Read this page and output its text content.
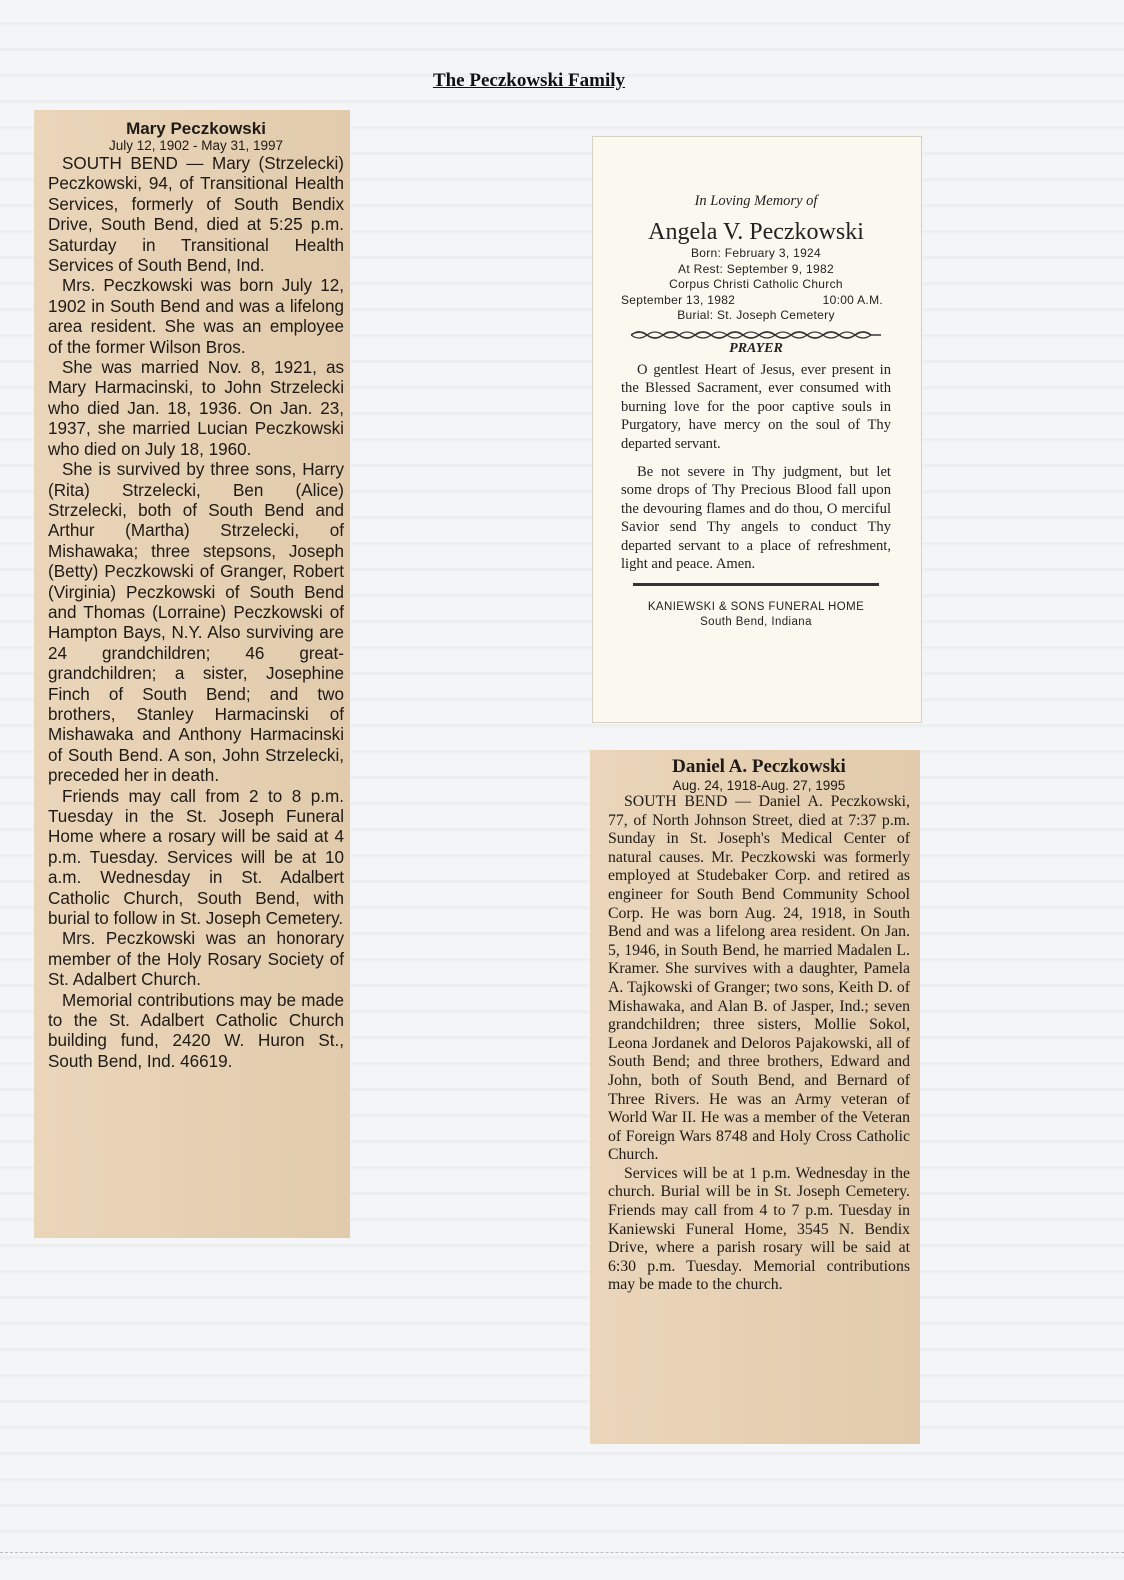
The Peczkowski Family
Mary Peczkowski
July 12, 1902 - May 31, 1997

SOUTH BEND — Mary (Strzelecki) Peczkowski, 94, of Transitional Health Services, formerly of South Bendix Drive, South Bend, died at 5:25 p.m. Saturday in Transitional Health Services of South Bend, Ind.

Mrs. Peczkowski was born July 12, 1902 in South Bend and was a lifelong area resident. She was an employee of the former Wilson Bros.

She was married Nov. 8, 1921, as Mary Harmacinski, to John Strzelecki who died Jan. 18, 1936. On Jan. 23, 1937, she married Lucian Peczkowski who died on July 18, 1960.

She is survived by three sons, Harry (Rita) Strzelecki, Ben (Alice) Strzelecki, both of South Bend and Arthur (Martha) Strzelecki, of Mishawaka; three stepsons, Joseph (Betty) Peczkowski of Granger, Robert (Virginia) Peczkowski of South Bend and Thomas (Lorraine) Peczkowski of Hampton Bays, N.Y. Also surviving are 24 grandchildren; 46 great-grandchildren; a sister, Josephine Finch of South Bend; and two brothers, Stanley Harmacinski of Mishawaka and Anthony Harmacinski of South Bend. A son, John Strzelecki, preceded her in death.

Friends may call from 2 to 8 p.m. Tuesday in the St. Joseph Funeral Home where a rosary will be said at 4 p.m. Tuesday. Services will be at 10 a.m. Wednesday in St. Adalbert Catholic Church, South Bend, with burial to follow in St. Joseph Cemetery.

Mrs. Peczkowski was an honorary member of the Holy Rosary Society of St. Adalbert Church.

Memorial contributions may be made to the St. Adalbert Catholic Church building fund, 2420 W. Huron St., South Bend, Ind. 46619.

In Loving Memory of
Angela V. Peczkowski
Born: February 3, 1924
At Rest: September 9, 1982
Corpus Christi Catholic Church
September 13, 1982	10:00 A.M.
Burial: St. Joseph Cemetery
PRAYER

O gentlest Heart of Jesus, ever present in the Blessed Sacrament, ever consumed with burning love for the poor captive souls in Purgatory, have mercy on the soul of Thy departed servant.

Be not severe in Thy judgment, but let some drops of Thy Precious Blood fall upon the devouring flames and do thou, O merciful Savior send Thy angels to conduct Thy departed servant to a place of refreshment, light and peace. Amen.

KANIEWSKI & SONS FUNERAL HOME
South Bend, Indiana
Daniel A. Peczkowski
Aug. 24, 1918-Aug. 27, 1995

SOUTH BEND — Daniel A. Peczkowski, 77, of North Johnson Street, died at 7:37 p.m. Sunday in St. Joseph's Medical Center of natural causes. Mr. Peczkowski was formerly employed at Studebaker Corp. and retired as engineer for South Bend Community School Corp. He was born Aug. 24, 1918, in South Bend and was a lifelong area resident. On Jan. 5, 1946, in South Bend, he married Madalen L. Kramer. She survives with a daughter, Pamela A. Tajkowski of Granger; two sons, Keith D. of Mishawaka, and Alan B. of Jasper, Ind.; seven grandchildren; three sisters, Mollie Sokol, Leona Jordanek and Deloros Pajakowski, all of South Bend; and three brothers, Edward and John, both of South Bend, and Bernard of Three Rivers. He was an Army veteran of World War II. He was a member of the Veteran of Foreign Wars 8748 and Holy Cross Catholic Church.

Services will be at 1 p.m. Wednesday in the church. Burial will be in St. Joseph Cemetery. Friends may call from 4 to 7 p.m. Tuesday in Kaniewski Funeral Home, 3545 N. Bendix Drive, where a parish rosary will be said at 6:30 p.m. Tuesday. Memorial contributions may be made to the church.
